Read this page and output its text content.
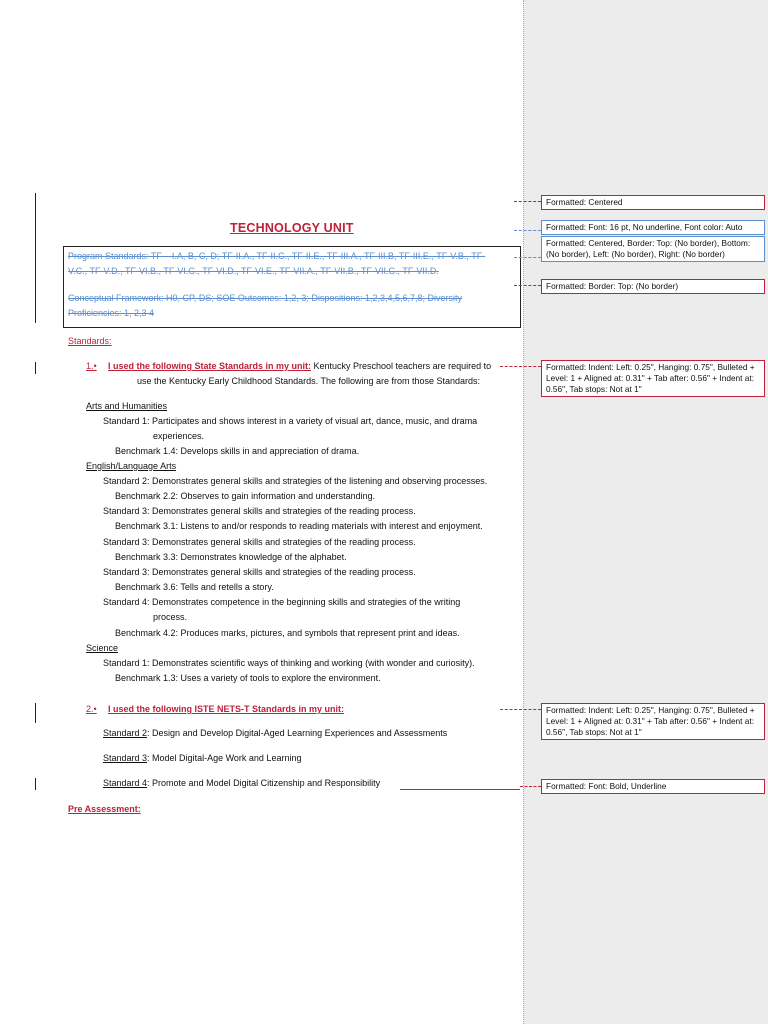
TECHNOLOGY UNIT
Program Standards: TF – I.A, B, C, D; TF-II.A., TF-II.C., TF-II.E., TF-III.A., TF-III.B, TF-III.E., TF-V.B., TF-
V.C., TF-V.D., TF-VI.B., TF-VI.C., TF-VI.D., TF-VI.E., TF-VII.A., TF-VII.B., TF-VII.C., TF-VII.D.
Conceptual Framework: H0, CP, DS; SOE Outcomes: 1,2, 3; Dispositions: 1,2,3,4,5,6,7,8; Diversity
Proficiencies: 1, 2,3 4
Standards:
1.• I used the following State Standards in my unit: Kentucky Preschool teachers are required to
use the Kentucky Early Childhood Standards. The following are from those Standards:
Arts and Humanities
Standard 1: Participates and shows interest in a variety of visual art, dance, music, and drama
experiences.
Benchmark 1.4: Develops skills in and appreciation of drama.
English/Language Arts
Standard 2: Demonstrates general skills and strategies of the listening and observing processes.
Benchmark 2.2: Observes to gain information and understanding.
Standard 3: Demonstrates general skills and strategies of the reading process.
Benchmark 3.1: Listens to and/or responds to reading materials with interest and enjoyment.
Standard 3: Demonstrates general skills and strategies of the reading process.
Benchmark 3.3: Demonstrates knowledge of the alphabet.
Standard 3: Demonstrates general skills and strategies of the reading process.
Benchmark 3.6: Tells and retells a story.
Standard 4: Demonstrates competence in the beginning skills and strategies of the writing
process.
Benchmark 4.2: Produces marks, pictures, and symbols that represent print and ideas.
Science
Standard 1: Demonstrates scientific ways of thinking and working (with wonder and curiosity).
Benchmark 1.3: Uses a variety of tools to explore the environment.
2.• I used the following ISTE NETS-T Standards in my unit:
Standard 2: Design and Develop Digital-Aged Learning Experiences and Assessments
Standard 3: Model Digital-Age Work and Learning
Standard 4: Promote and Model Digital Citizenship and Responsibility
Pre Assessment:
Formatted: Centered
Formatted: Font: 16 pt, No underline, Font color: Auto
Formatted: Centered, Border: Top: (No border), Bottom: (No border), Left: (No border), Right: (No border)
Formatted: Border: Top: (No border)
Formatted: Indent: Left: 0.25", Hanging: 0.75", Bulleted + Level: 1 + Aligned at: 0.31" + Tab after: 0.56" + Indent at: 0.56", Tab stops: Not at 1"
Formatted: Indent: Left: 0.25", Hanging: 0.75", Bulleted + Level: 1 + Aligned at: 0.31" + Tab after: 0.56" + Indent at: 0.56", Tab stops: Not at 1"
Formatted: Font: Bold, Underline
